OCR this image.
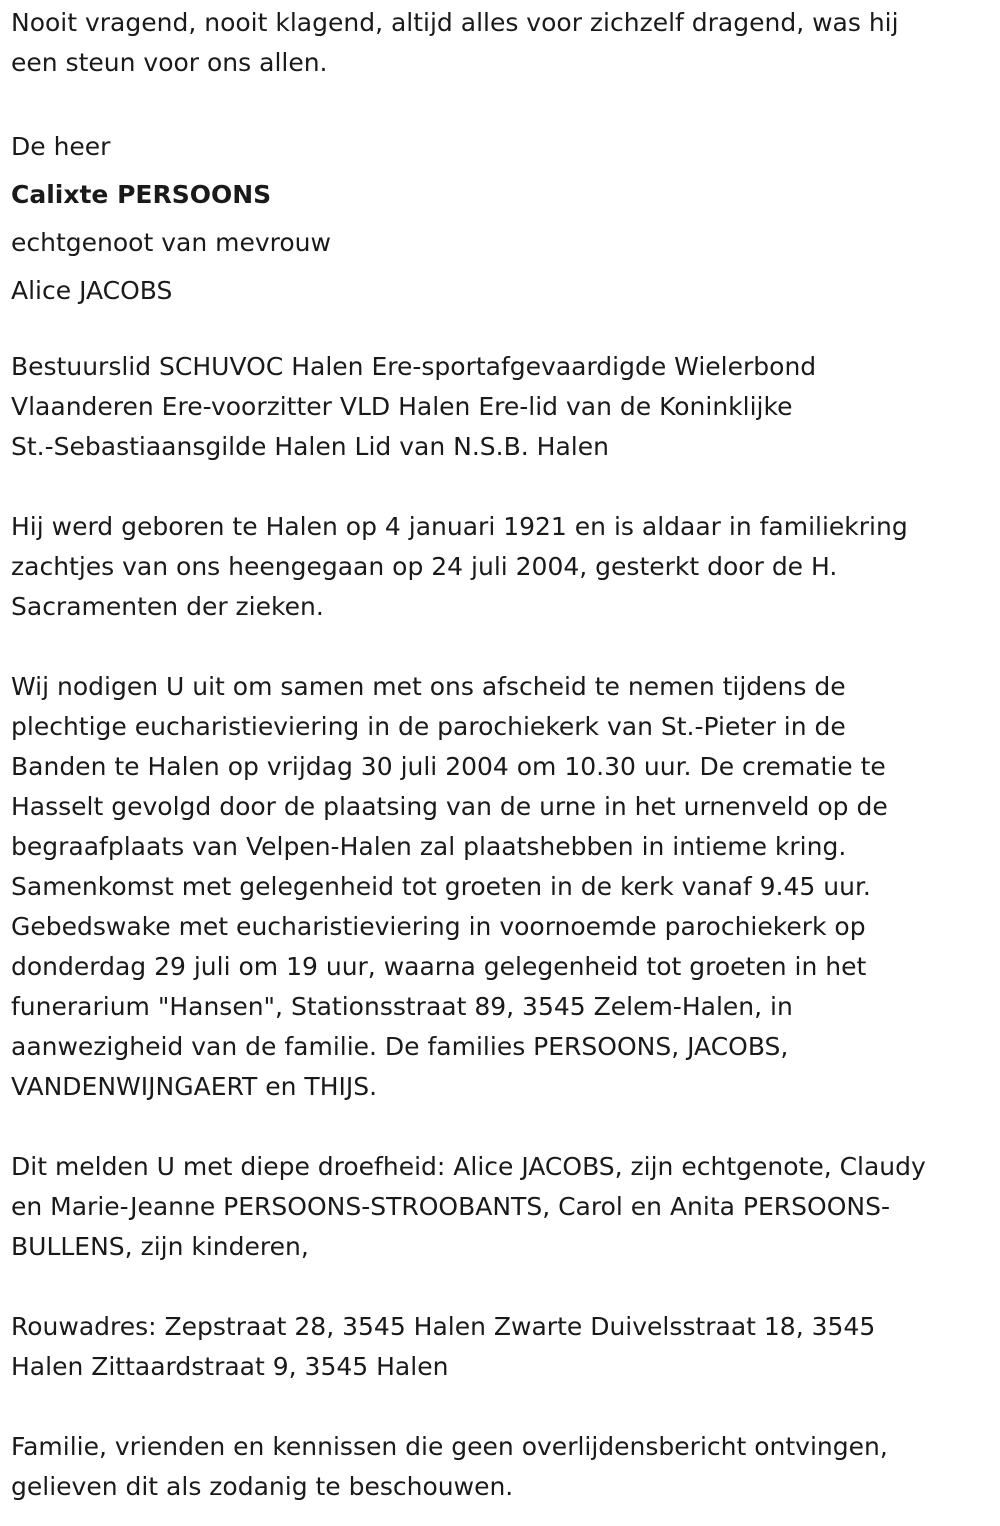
Nooit vragend, nooit klagend, altijd alles voor zichzelf dragend, was hij
een steun voor ons allen.

De heer

Calixte PERSOONS

echtgenoot van mevrouw

Alice JACOBS

Bestuurslid SCHUVOC Halen Ere-sportafgevaardigde Wielerbond
Vlaanderen Ere-voorzitter VLD Halen Ere-lid van de Koninklijke
St.-Sebastiaansgilde Halen Lid van N.S.B. Halen

Hij werd geboren te Halen op 4 januari 1921 en is aldaar in familiekring
zachtjes van ons heengegaan op 24 juli 2004, gesterkt door de H.
Sacramenten der zieken.

Wij nodigen U uit om samen met ons afscheid te nemen tijdens de
plechtige eucharistieviering in de parochiekerk van St.-Pieter in de
Banden te Halen op vrijdag 30 juli 2004 om 10.30 uur. De crematie te
Hasselt gevolgd door de plaatsing van de urne in het urnenveld op de
begraafplaats van Velpen-Halen zal plaatshebben in intieme kring.
Samenkomst met gelegenheid tot groeten in de kerk vanaf 9.45 uur.
Gebedswake met eucharistieviering in voornoemde parochiekerk op
donderdag 29 juli om 19 uur, waarna gelegenheid tot groeten in het
funerarium "Hansen", Stationsstraat 89, 3545 Zelem-Halen, in
aanwezigheid van de familie. De families PERSOONS, JACOBS,
VANDENWIJNGAERT en THIJS.

Dit melden U met diepe droefheid: Alice JACOBS, zijn echtgenote, Claudy
en Marie-Jeanne PERSOONS-STROOBANTS, Carol en Anita PERSOONS-
BULLENS, zijn kinderen,

Rouwadres: Zepstraat 28, 3545 Halen Zwarte Duivelsstraat 18, 3545
Halen Zittaardstraat 9, 3545 Halen

Familie, vrienden en kennissen die geen overlijdensbericht ontvingen,
gelieven dit als zodanig te beschouwen.
